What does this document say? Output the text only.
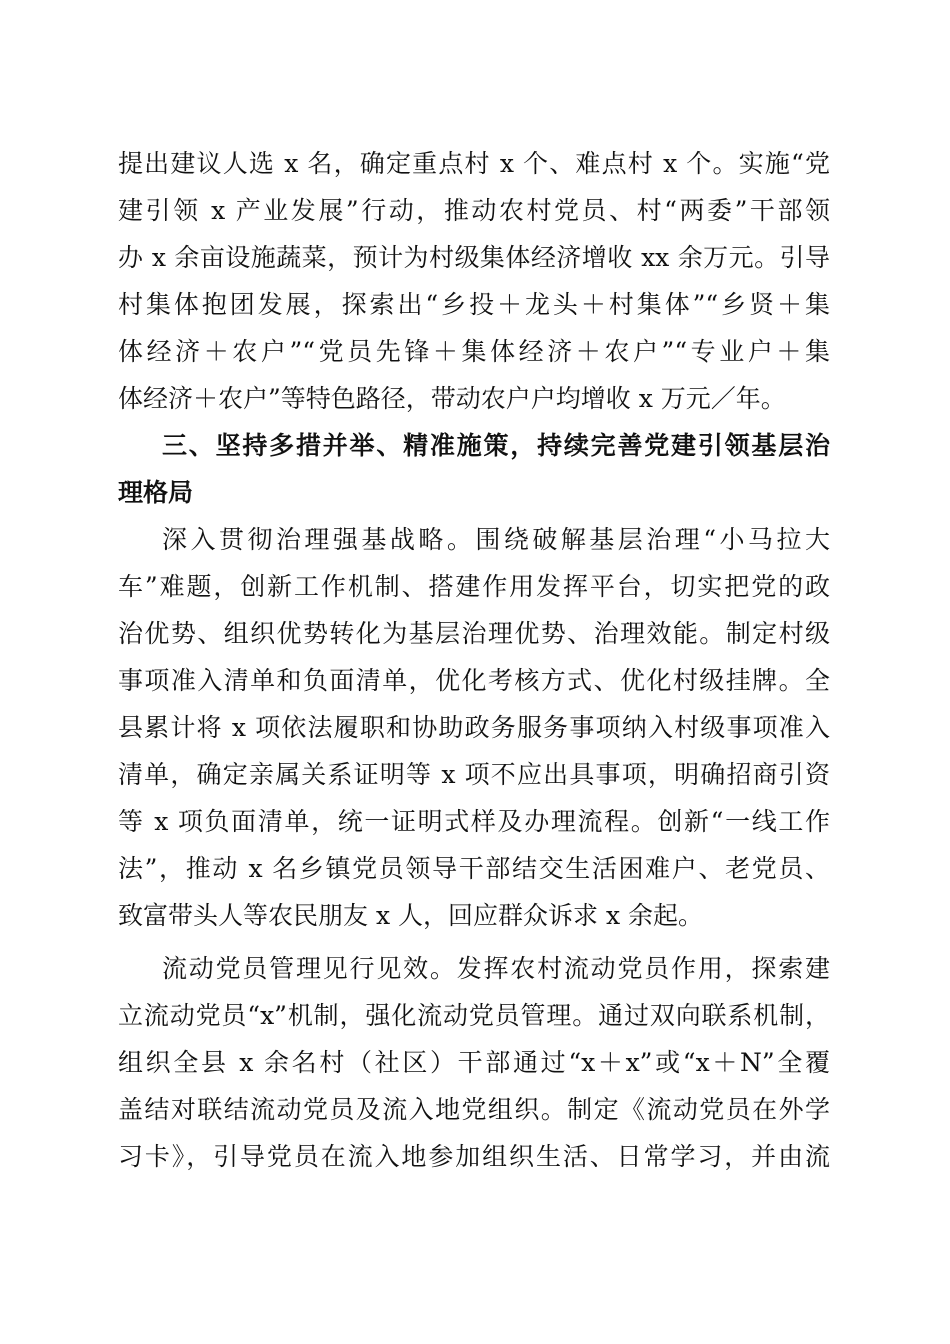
提出建议人选 x 名，确定重点村 x 个、难点村 x 个。实施“党
建引领 x 产业发展”行动，推动农村党员、村“两委”干部领
办 x 余亩设施蔬菜，预计为村级集体经济增收 xx 余万元。引导
村集体抱团发展，探索出“乡投＋龙头＋村集体”“乡贤＋集
体经济＋农户”“党员先锋＋集体经济＋农户”“专业户＋集
体经济＋农户”等特色路径，带动农户户均增收 x 万元／年。
三、坚持多措并举、精准施策，持续完善党建引领基层治
理格局
深入贯彻治理强基战略。围绕破解基层治理“小马拉大
车”难题，创新工作机制、搭建作用发挥平台，切实把党的政
治优势、组织优势转化为基层治理优势、治理效能。制定村级
事项准入清单和负面清单，优化考核方式、优化村级挂牌。全
县累计将 x 项依法履职和协助政务服务事项纳入村级事项准入
清单，确定亲属关系证明等 x 项不应出具事项，明确招商引资
等 x 项负面清单，统一证明式样及办理流程。创新“一线工作
法”，推动 x 名乡镇党员领导干部结交生活困难户、老党员、
致富带头人等农民朋友 x 人，回应群众诉求 x 余起。
流动党员管理见行见效。发挥农村流动党员作用，探索建
立流动党员“x”机制，强化流动党员管理。通过双向联系机制，
组织全县 x 余名村（社区）干部通过“x＋x”或“x＋N”全覆
盖结对联结流动党员及流入地党组织。制定《流动党员在外学
习卡》，引导党员在流入地参加组织生活、日常学习，并由流
